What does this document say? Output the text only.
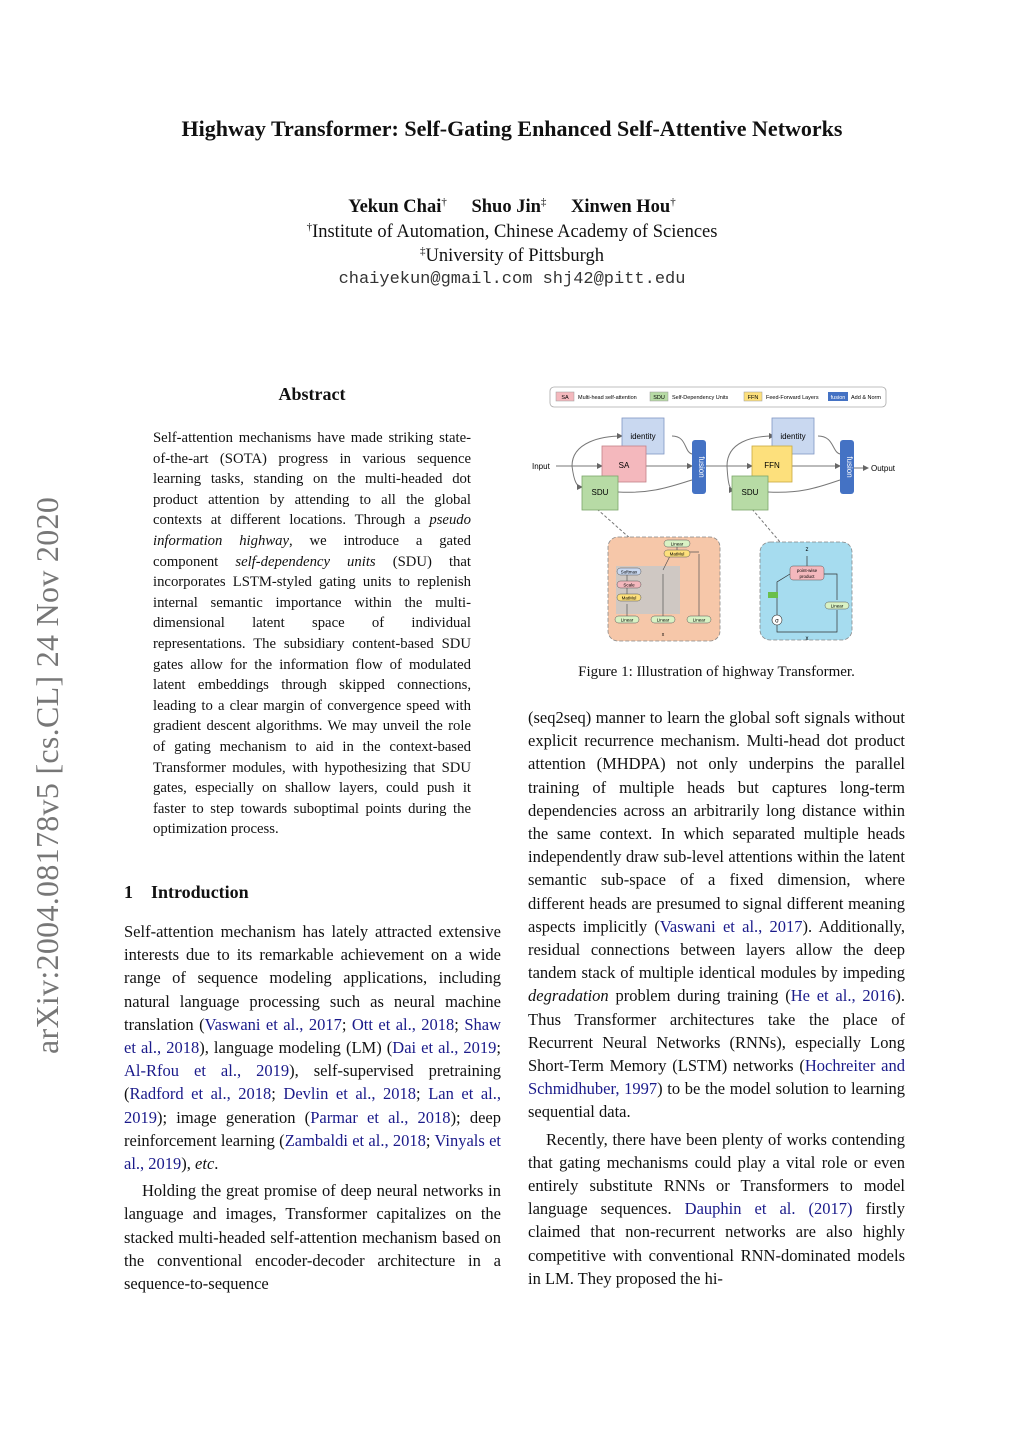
arXiv:2004.08178v5 [cs.CL] 24 Nov 2020
Highway Transformer: Self-Gating Enhanced Self-Attentive Networks
Yekun Chai† Shuo Jin‡ Xinwen Hou†
†Institute of Automation, Chinese Academy of Sciences
‡University of Pittsburgh
chaiyekun@gmail.com shj42@pitt.edu
Abstract
Self-attention mechanisms have made striking state-of-the-art (SOTA) progress in various sequence learning tasks, standing on the multi-headed dot product attention by attending to all the global contexts at different locations. Through a pseudo information highway, we introduce a gated component self-dependency units (SDU) that incorporates LSTM-styled gating units to replenish internal semantic importance within the multi-dimensional latent space of individual representations. The subsidiary content-based SDU gates allow for the information flow of modulated latent embeddings through skipped connections, leading to a clear margin of convergence speed with gradient descent algorithms. We may unveil the role of gating mechanism to aid in the context-based Transformer modules, with hypothesizing that SDU gates, especially on shallow layers, could push it faster to step towards suboptimal points during the optimization process.
1 Introduction

Self-attention mechanism has lately attracted extensive interests due to its remarkable achievement on a wide range of sequence modeling applications, including natural language processing such as neural machine translation (Vaswani et al., 2017; Ott et al., 2018; Shaw et al., 2018), language modeling (LM) (Dai et al., 2019; Al-Rfou et al., 2019), self-supervised pretraining (Radford et al., 2018; Devlin et al., 2018; Lan et al., 2019); image generation (Parmar et al., 2018); deep reinforcement learning (Zambaldi et al., 2018; Vinyals et al., 2019), etc.

Holding the great promise of deep neural networks in language and images, Transformer capitalizes on the stacked multi-headed self-attention mechanism based on the conventional encoder-decoder architecture in a sequence-to-sequence

(seq2seq) manner to learn the global soft signals without explicit recurrence mechanism. Multi-head dot product attention (MHDPA) not only underpins the parallel training of multiple heads but captures long-term dependencies across an arbitrarily long distance within the same context. In which separated multiple heads independently draw sub-level attentions within the latent semantic sub-space of a fixed dimension, where different heads are presumed to signal different meaning aspects implicitly (Vaswani et al., 2017). Additionally, residual connections between layers allow the deep tandem stack of multiple identical modules by impeding degradation problem during training (He et al., 2016). Thus Transformer architectures take the place of Recurrent Neural Networks (RNNs), especially Long Short-Term Memory (LSTM) networks (Hochreiter and Schmidhuber, 1997) to be the model solution to learning sequential data.

Recently, there have been plenty of works contending that gating mechanisms could play a vital role or even entirely substitute RNNs or Transformers to model language sequences. Dauphin et al. (2017) firstly claimed that non-recurrent networks are also highly competitive with conventional RNN-dominated models in LM. They proposed the hi-

SA Multi-head self-attention	SDU Self-Dependency Units	FFN Feed-Forward Layers fusion Add & Norm
Input	Output
identity
SA
SDU
fusion
identity
FFN
SDU
fusion
Linear
MatMul
Softmax
Scale
MatMul
Linear	Linear	Linear
x
z
point-wise
product
σ
Linear
x
Figure 1: Illustration of highway Transformer.
